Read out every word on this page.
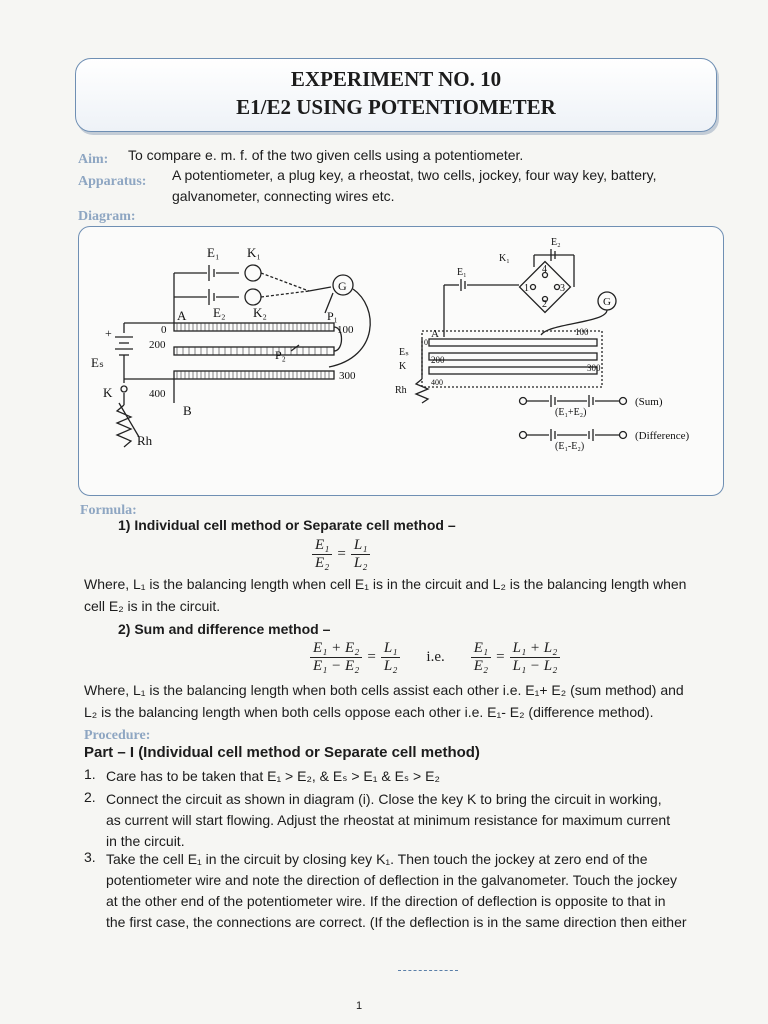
EXPERIMENT NO. 10
E1/E2 USING POTENTIOMETER
Aim: To compare e. m. f. of the two given cells using a potentiometer.
Apparatus: A potentiometer, a plug key, a rheostat, two cells, jockey, four way key, battery,
galvanometer, connecting wires etc.
Diagram:
E₁ K₁
E₂ K₂
G
A
B
P₁
P₂
Eₛ
K
Rh
+	0	100
200
300
400
E₂
K₁
E₁
G
1
2
3
4
A
Eₛ
K
Rh
0
100
200
300
400
(E₁+E₂)
(Sum)
(E₁-E₂)
(Difference)
Formula:
1) Individual cell method or Separate cell method –
$\frac{\text{E₁}}{\text{E₂}} = \frac{\text{L₁}}{\text{L₂}}$
Where, L₁ is the balancing length when cell E₁ is in the circuit and L₂ is the balancing length when
cell E₂ is in the circuit.
2) Sum and difference method –
$\frac{\text{E₁ + E₂}}{\text{E₁ − E₂}} = \frac{\text{L₁}}{\text{L₂}} i.e$. $\frac{\text{E₁}}{\text{E₂}} = \frac{\text{L₁ + L₂}}{\text{L₁ − L₂}}$
Where, L₁ is the balancing length when both cells assist each other i.e. E₁+ E₂ (sum method) and
L₂ is the balancing length when both cells oppose each other i.e. E₁- E₂ (difference method).
Procedure:
Part – I (Individual cell method or Separate cell method)
1. Care has to be taken that E₁ > E₂, & Eₛ > E₁ & Eₛ > E₂
2. Connect the circuit as shown in diagram (i). Close the key K to bring the circuit in working,
as current will start flowing. Adjust the rheostat at minimum resistance for maximum current
in the circuit.
3. Take the cell E₁ in the circuit by closing key K₁. Then touch the jockey at zero end of the
potentiometer wire and note the direction of deflection in the galvanometer. Touch the jockey
at the other end of the potentiometer wire. If the direction of deflection is opposite to that in
the first case, the connections are correct. (If the deflection is in the same direction then either
1
